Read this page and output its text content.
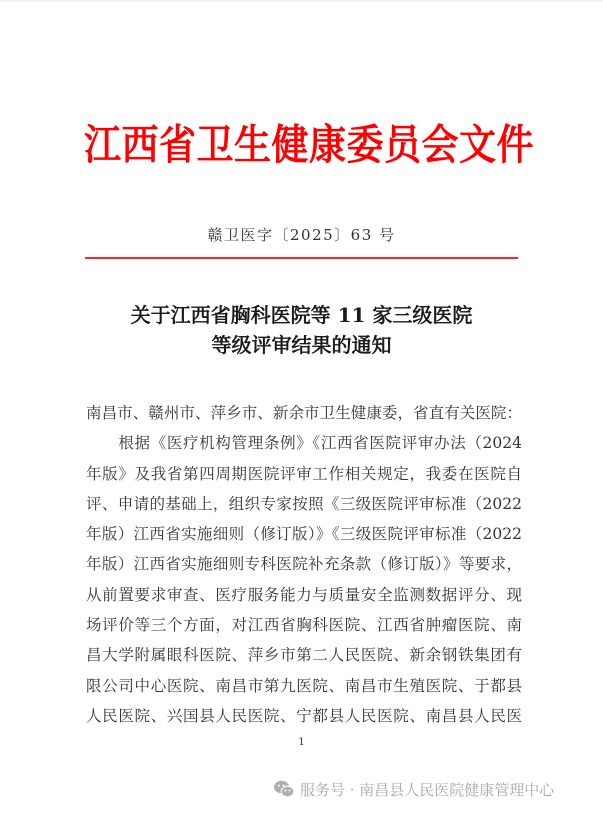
江西省卫生健康委员会文件
赣卫医字〔2025〕63 号
关于江西省胸科医院等 11 家三级医院
等级评审结果的通知
南昌市、赣州市、萍乡市、新余市卫生健康委，省直有关医院：
　　根据《医疗机构管理条例》《江西省医院评审办法（2024
年版》及我省第四周期医院评审工作相关规定，我委在医院自
评、申请的基础上，组织专家按照《三级医院评审标准（2022
年版）江西省实施细则（修订版）》《三级医院评审标准（2022
年版）江西省实施细则专科医院补充条款（修订版）》等要求，
从前置要求审查、医疗服务能力与质量安全监测数据评分、现
场评价等三个方面，对江西省胸科医院、江西省肿瘤医院、南
昌大学附属眼科医院、萍乡市第二人民医院、新余钢铁集团有
限公司中心医院、南昌市第九医院、南昌市生殖医院、于都县
人民医院、兴国县人民医院、宁都县人民医院、南昌县人民医
1
服务号 · 南昌县人民医院健康管理中心
